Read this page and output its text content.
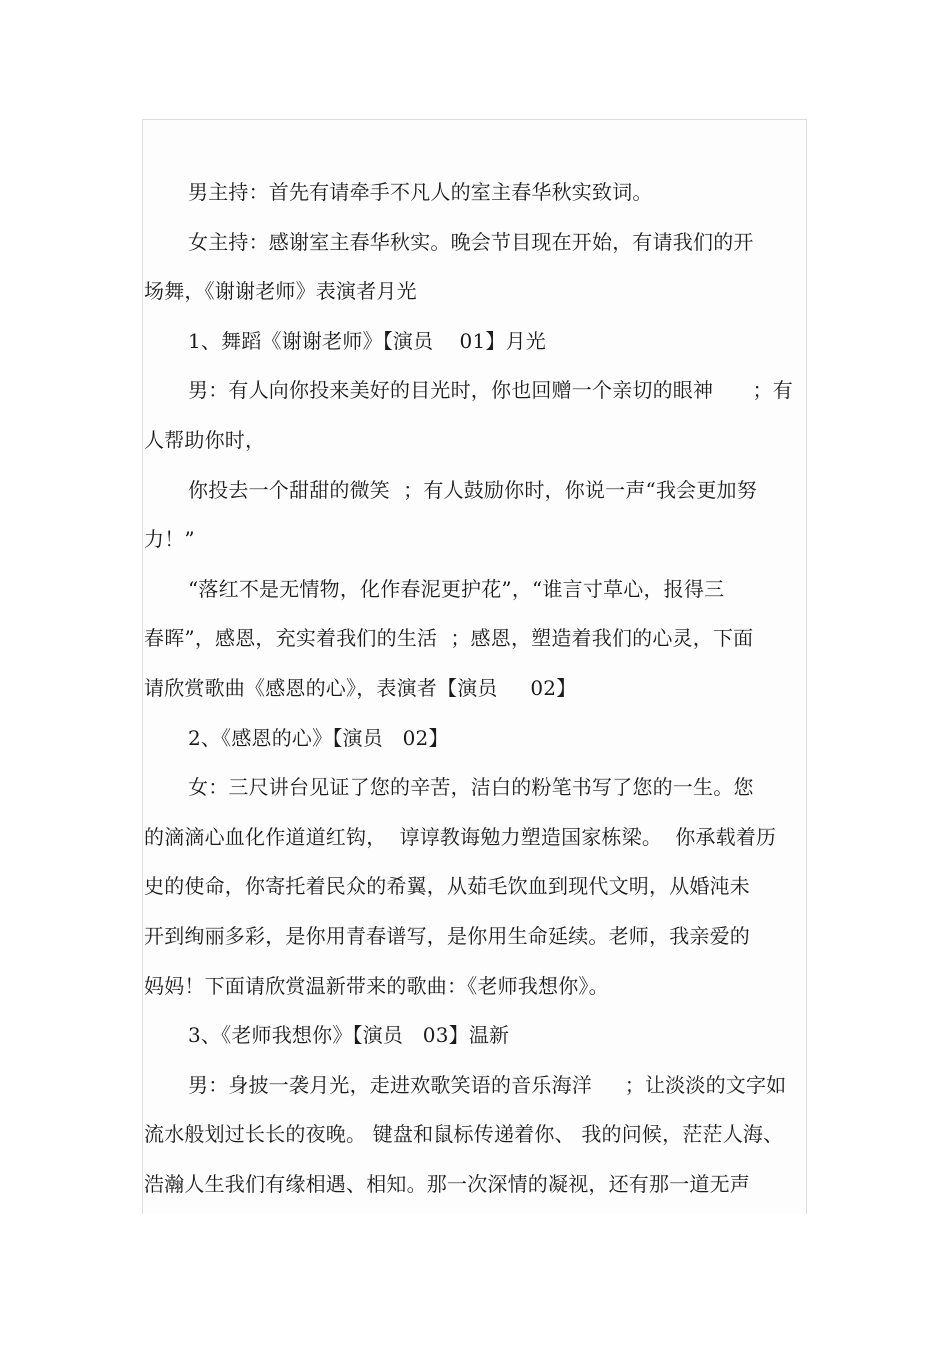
男主持：首先有请牵手不凡人的室主春华秋实致词。
女主持：感谢室主春华秋实。晚会节目现在开始，有请我们的开
场舞，《谢谢老师》表演者月光
1、舞蹈《谢谢老师》【演员    01】月光
男：有人向你投来美好的目光时，你也回赠一个亲切的眼神      ；有
人帮助你时，
你投去一个甜甜的微笑  ；有人鼓励你时，你说一声“我会更加努
力！”
“落红不是无情物，化作春泥更护花”，“谁言寸草心，报得三
春晖”，感恩，充实着我们的生活  ；感恩，塑造着我们的心灵，下面
请欣赏歌曲《感恩的心》，表演者【演员     02】
2、《感恩的心》【演员   02】
女：三尺讲台见证了您的辛苦，洁白的粉笔书写了您的一生。您
的滴滴心血化作道道红钩，  谆谆教诲勉力塑造国家栋梁。  你承载着历
史的使命，你寄托着民众的希翼，从茹毛饮血到现代文明，从婚沌未
开到绚丽多彩，是你用青春谱写，是你用生命延续。老师，我亲爱的
妈妈！下面请欣赏温新带来的歌曲：《老师我想你》。
3、《老师我想你》【演员   03】温新
男：身披一袭月光，走进欢歌笑语的音乐海洋     ；让淡淡的文字如
流水般划过长长的夜晚。 键盘和鼠标传递着你、 我的问候，茫茫人海、
浩瀚人生我们有缘相遇、相知。那一次深情的凝视，还有那一道无声
